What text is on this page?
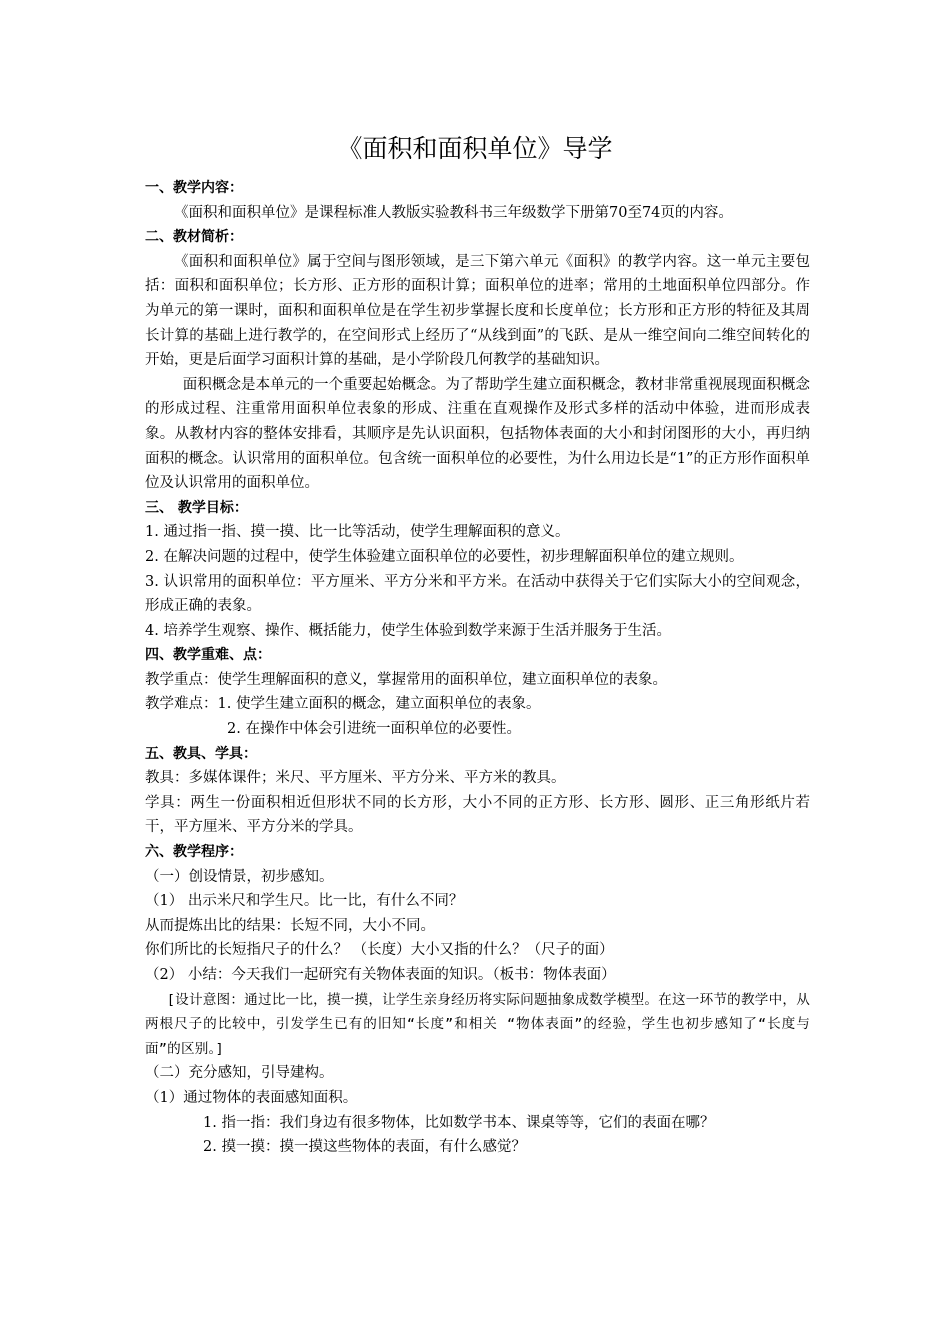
《面积和面积单位》导学

一、教学内容：

《面积和面积单位》是课程标准人教版实验教科书三年级数学下册第70至74页的内容。

二、教材简析：

《面积和面积单位》属于空间与图形领域，是三下第六单元《面积》的教学内容。这一单元主要包括：面积和面积单位；长方形、正方形的面积计算；面积单位的进率；常用的土地面积单位四部分。作为单元的第一课时，面积和面积单位是在学生初步掌握长度和长度单位；长方形和正方形的特征及其周长计算的基础上进行教学的，在空间形式上经历了“从线到面”的飞跃、是从一维空间向二维空间转化的开始，更是后面学习面积计算的基础，是小学阶段几何教学的基础知识。

面积概念是本单元的一个重要起始概念。为了帮助学生建立面积概念，教材非常重视展现面积概念的形成过程、注重常用面积单位表象的形成、注重在直观操作及形式多样的活动中体验，进而形成表象。从教材内容的整体安排看，其顺序是先认识面积，包括物体表面的大小和封闭图形的大小，再归纳面积的概念。认识常用的面积单位。包含统一面积单位的必要性，为什么用边长是“1”的正方形作面积单位及认识常用的面积单位。

三、 教学目标：

1. 通过指一指、摸一摸、比一比等活动，使学生理解面积的意义。

2. 在解决问题的过程中，使学生体验建立面积单位的必要性，初步理解面积单位的建立规则。

3. 认识常用的面积单位：平方厘米、平方分米和平方米。在活动中获得关于它们实际大小的空间观念，形成正确的表象。

4. 培养学生观察、操作、概括能力，使学生体验到数学来源于生活并服务于生活。

四、教学重难、点：

教学重点：使学生理解面积的意义，掌握常用的面积单位，建立面积单位的表象。

教学难点：1. 使学生建立面积的概念，建立面积单位的表象。

2. 在操作中体会引进统一面积单位的必要性。

五、教具、学具：

教具：多媒体课件；米尺、平方厘米、平方分米、平方米的教具。

学具：两生一份面积相近但形状不同的长方形，大小不同的正方形、长方形、圆形、正三角形纸片若干，平方厘米、平方分米的学具。

六、教学程序：

（一）创设情景，初步感知。

（1） 出示米尺和学生尺。比一比，有什么不同？

从而提炼出比的结果：长短不同，大小不同。

你们所比的长短指尺子的什么？ （长度）大小又指的什么？（尺子的面）

（2） 小结：今天我们一起研究有关物体表面的知识。（板书：物体表面）

[设计意图：通过比一比，摸一摸，让学生亲身经历将实际问题抽象成数学模型。在这一环节的教学中，从两根尺子的比较中，引发学生已有的旧知“长度”和相关 “物体表面”的经验，学生也初步感知了“长度与面”的区别。]

（二）充分感知，引导建构。

（1）通过物体的表面感知面积。

1. 指一指：我们身边有很多物体，比如数学书本、课桌等等，它们的表面在哪？

2. 摸一摸：摸一摸这些物体的表面，有什么感觉？
